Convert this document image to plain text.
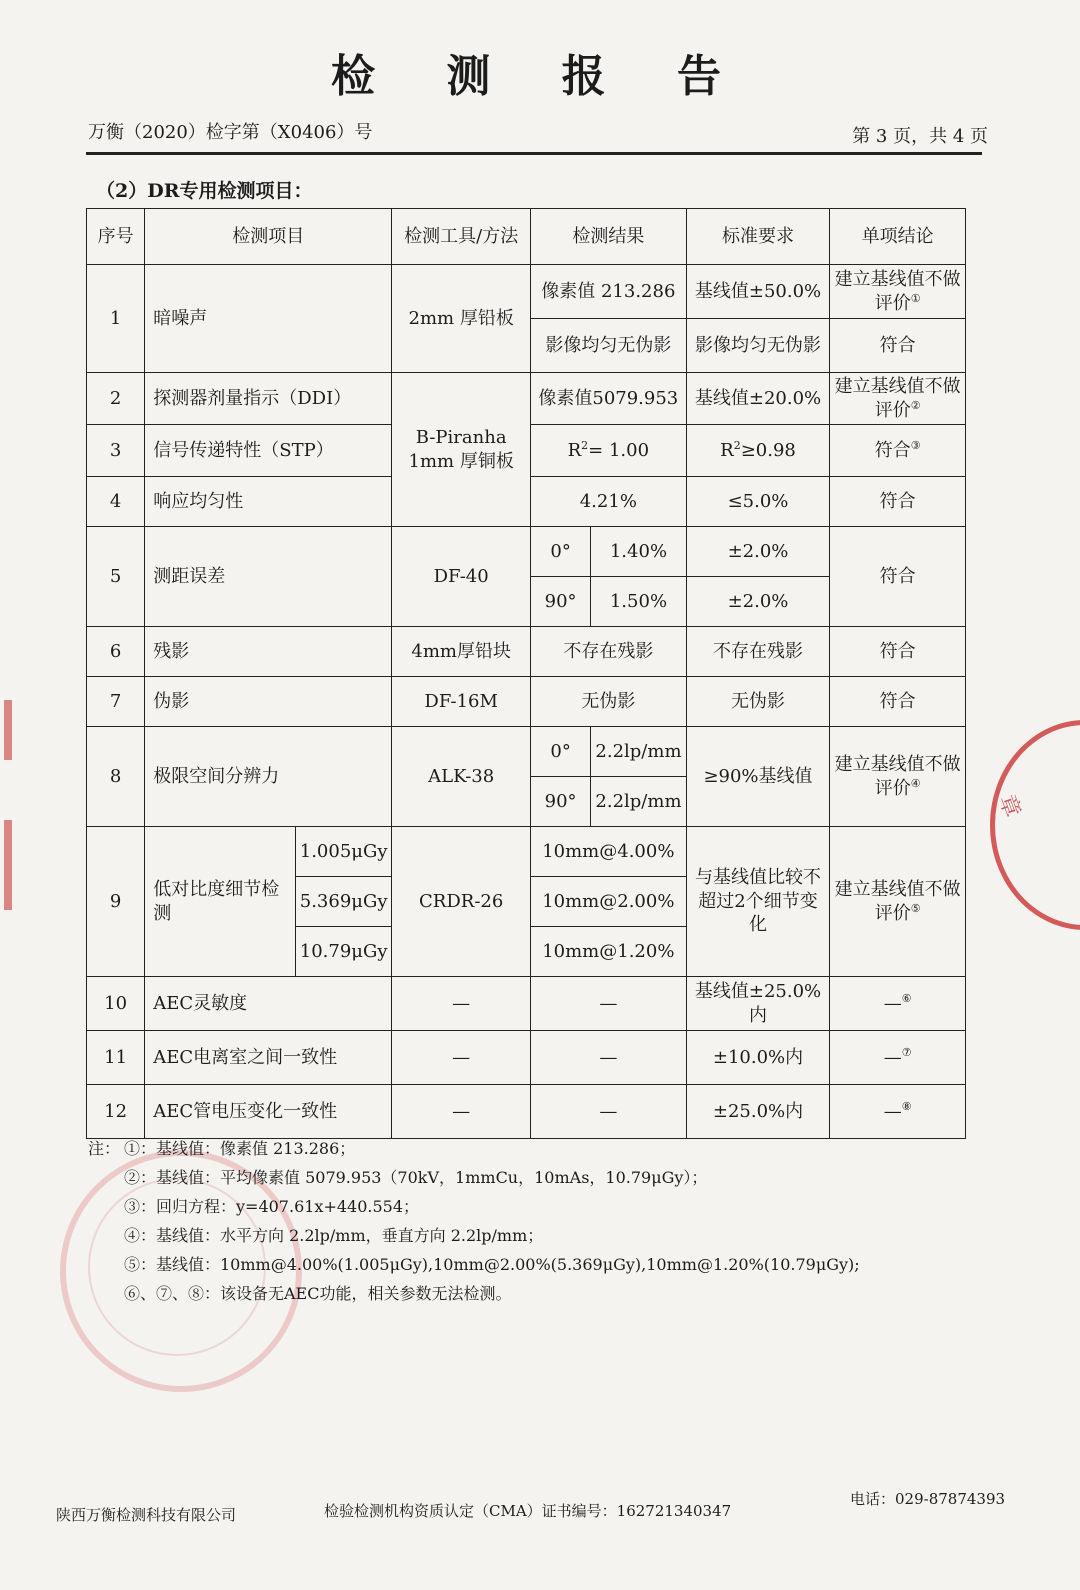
章
检 测 报 告
万衡（2020）检字第（X0406）号	第 3 页，共 4 页
（2）DR专用检测项目：
序号	检测项目		检测工具/方法	检测结果		标准要求	单项结论
1	暗噪声		2mm 厚铅板	像素值 213.286		基线值±50.0%	建立基线值不做评价①
				影像均匀无伪影		影像均匀无伪影	符合
2	探测器剂量指示（DDI）		B-Piranha 1mm 厚铜板	像素值5079.953		基线值±20.0%	建立基线值不做评价②
3	信号传递特性（STP）			$R^2= 1.00$		$R^2\ge 0.98$	符合③
4	响应均匀性			4.21%		≤5.0%	符合
5	测距误差		DF-40	0°	1.40%	±2.0%	符合
				90°	1.50%	±2.0%	
6	残影		4mm厚铅块	不存在残影		不存在残影	符合
7	伪影		DF-16M	无伪影		无伪影	符合
8	极限空间分辨力		ALK-38	0°	2.2lp/mm	≥90%基线值	建立基线值不做评价④
				90°	2.2lp/mm		
9	低对比度细节检测	1.005μGy	CRDR-26	10mm@4.00%		与基线值比较不超过2个细节变化	建立基线值不做评价⑤
		5.369μGy		10mm@2.00%			
		10.79μGy		10mm@1.20%			
10	AEC灵敏度		—	—		基线值±25.0%内	—⑥
11	AEC电离室之间一致性		—	—		±10.0%内	—⑦
12	AEC管电压变化一致性		—	—		±25.0%内	—⑧
注： ①：基线值：像素值 213.286；
②：基线值：平均像素值 5079.953（70kV，1mmCu，10mAs，10.79μGy）；
③：回归方程：y=407.61x+440.554；
④：基线值：水平方向 2.2lp/mm，垂直方向 2.2lp/mm；
⑤：基线值：10mm@4.00%(1.005μGy),10mm@2.00%(5.369μGy),10mm@1.20%(10.79μGy);
⑥、⑦、⑧：该设备无AEC功能，相关参数无法检测。
陕西万衡检测科技有限公司	检验检测机构资质认定（CMA）证书编号：162721340347
电话：029-87874393
